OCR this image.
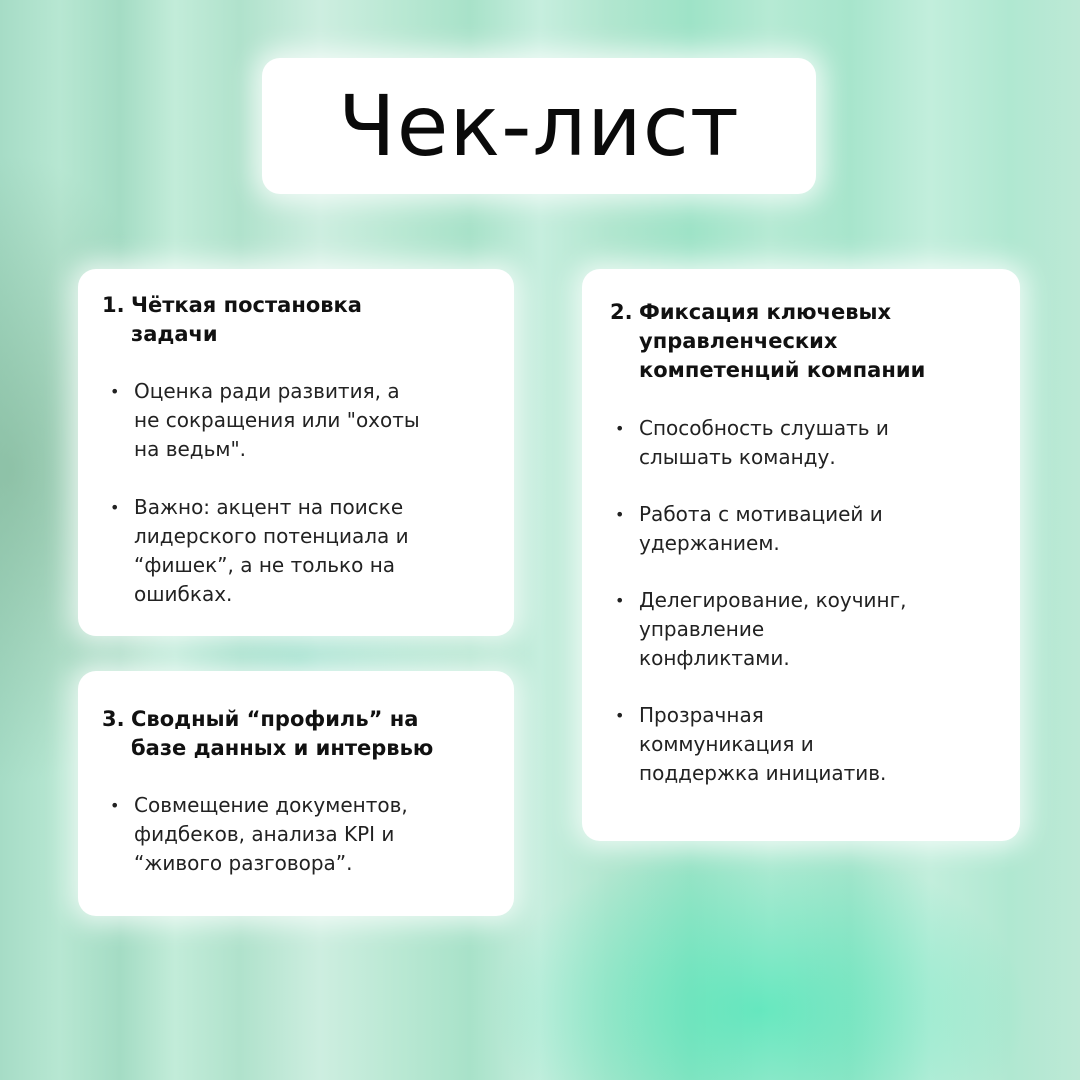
Чек-лист
1. Чёткая постановка
задачи
• Оценка ради развития, а
не сокращения или "охоты
на ведьм".
• Важно: акцент на поиске
лидерского потенциала и
“фишек”, а не только на
ошибках.
2. Фиксация ключевых
управленческих
компетенций компании
• Способность слушать и
слышать команду.
• Работа с мотивацией и
удержанием.
• Делегирование, коучинг,
управление
конфликтами.
• Прозрачная
коммуникация и
поддержка инициатив.
3. Сводный “профиль” на
базе данных и интервью
• Совмещение документов,
фидбеков, анализа KPI и
“живого разговора”.
